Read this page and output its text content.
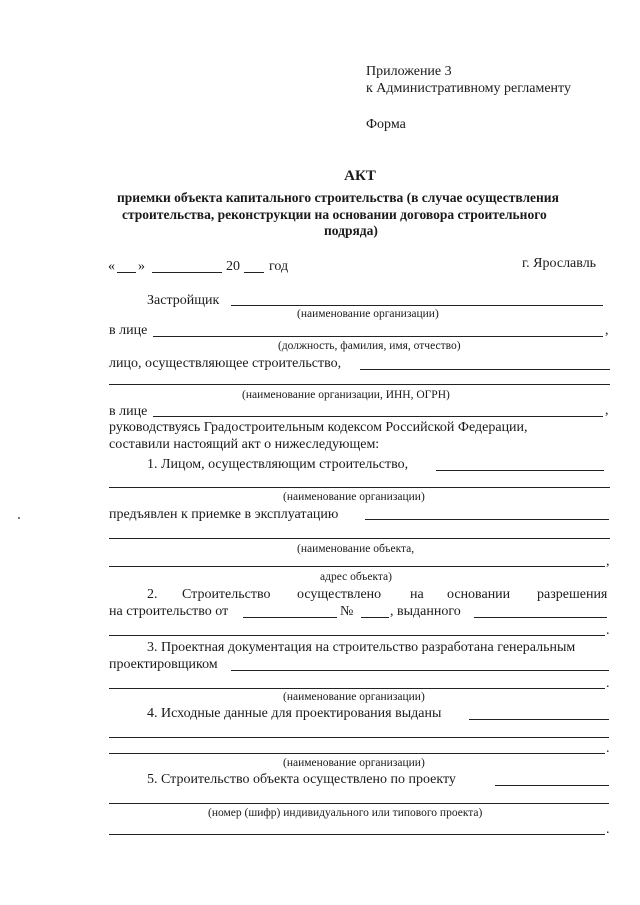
Приложение 3
к Административному регламенту
Форма
АКТ
приемки объекта капитального строительства (в случае осуществления
строительства, реконструкции на основании договора строительного
подряда)
« »	20 год	г. Ярославль
Застройщик
(наименование организации)
в лице	,
(должность, фамилия, имя, отчество)
лицо, осуществляющее строительство,
(наименование организации, ИНН, ОГРН)
в лице	,
руководствуясь Градостроительным кодексом Российской Федерации,
составили настоящий акт о нижеследующем:
1. Лицом, осуществляющим строительство,
(наименование организации)
предъявлен к приемке в эксплуатацию
(наименование объекта,
,
адрес объекта)
2. Строительство осуществлено на основании разрешения
на строительство от	№	, выданного
.
3. Проектная документация на строительство разработана генеральным
проектировщиком
.
(наименование организации)
4. Исходные данные для проектирования выданы
.
(наименование организации)
5. Строительство объекта осуществлено по проекту
(номер (шифр) индивидуального или типового проекта)
.
